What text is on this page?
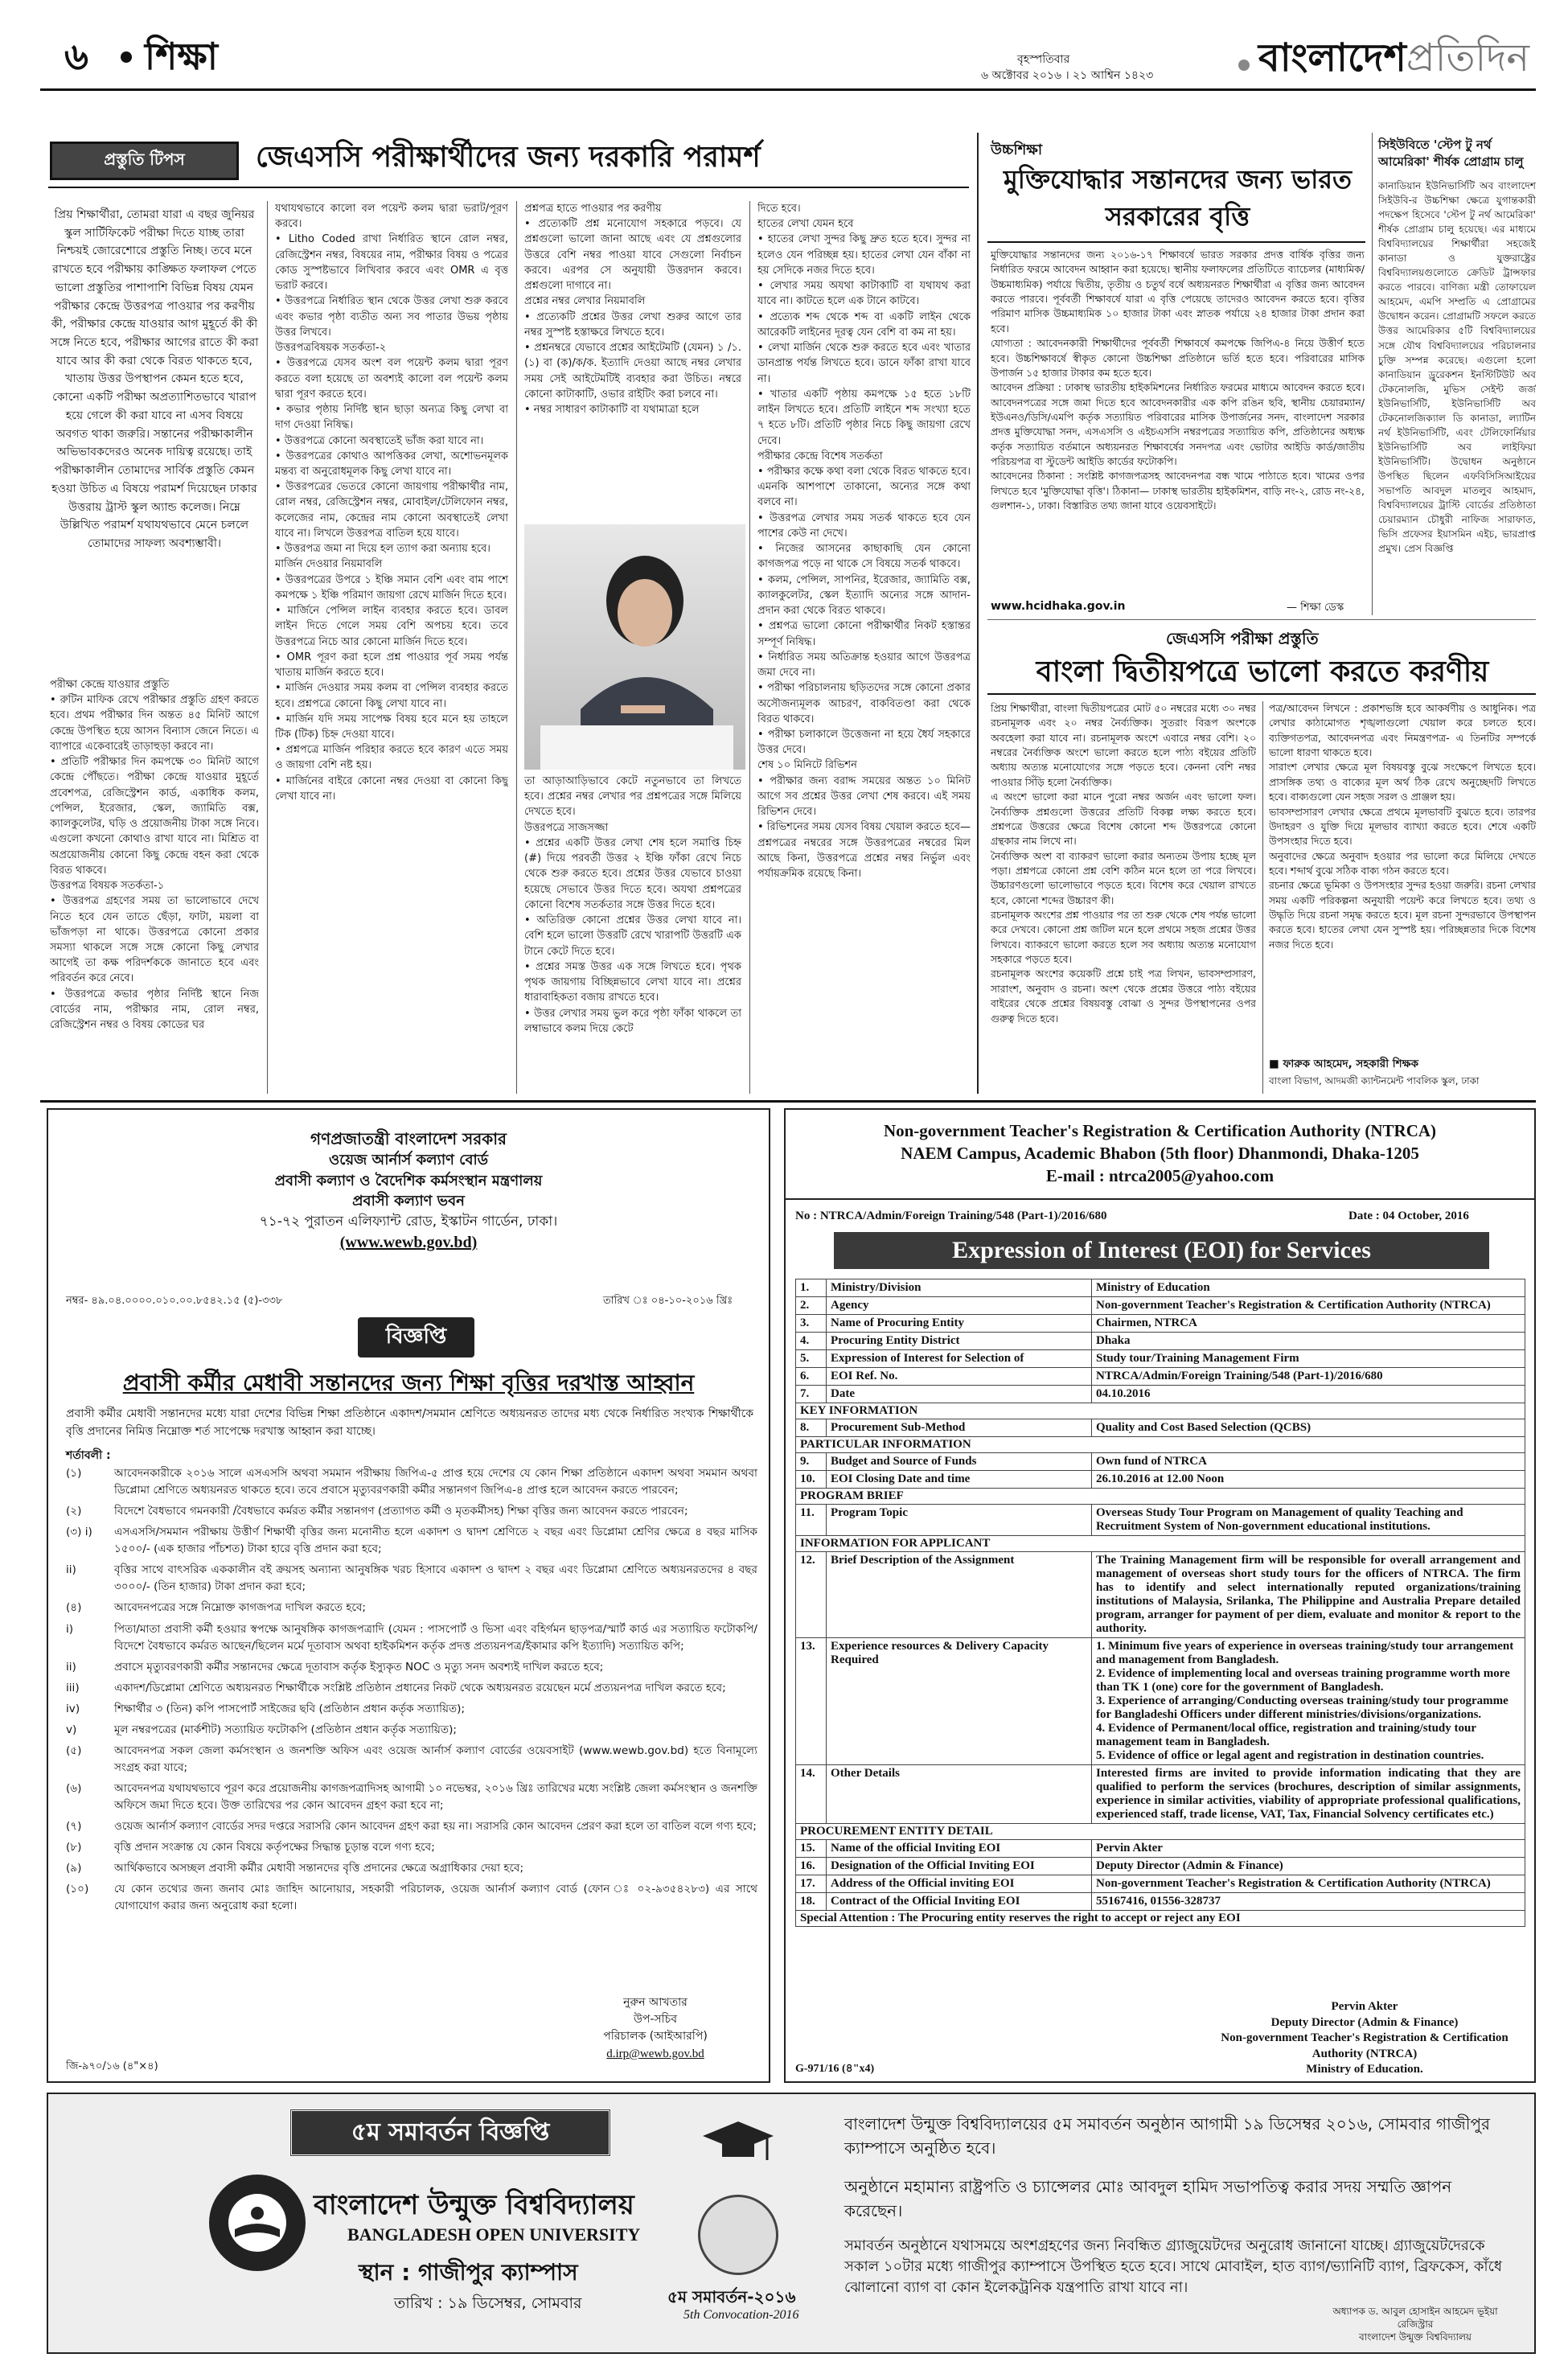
৬ শিক্ষা	বৃহস্পতিবার
৬ অক্টোবর ২০১৬ । ২১ আশ্বিন ১৪২৩	বাংলাদেশপ্রতিদিন
প্রস্তুতি টিপস জেএসসি পরীক্ষার্থীদের জন্য দরকারি পরামর্শ
প্রিয় শিক্ষার্থীরা, তোমরা যারা এ বছর জুনিয়র স্কুল সার্টিফিকেট পরীক্ষা দিতে যাচ্ছ তারা নিশ্চয়ই জোরেশোরে প্রস্তুতি নিচ্ছ। তবে মনে রাখতে হবে পরীক্ষায় কাঙ্ক্ষিত ফলাফল পেতে ভালো প্রস্তুতির পাশাপাশি বিভিন্ন বিষয় যেমন পরীক্ষার কেন্দ্রে উত্তরপত্র পাওয়ার পর করণীয় কী, পরীক্ষার কেন্দ্রে যাওয়ার আগ মুহূর্তে কী কী সঙ্গে নিতে হবে, পরীক্ষার আগের রাতে কী করা যাবে আর কী করা থেকে বিরত থাকতে হবে, খাতায় উত্তর উপস্থাপন কেমন হতে হবে, কোনো একটি পরীক্ষা অপ্রত্যাশিতভাবে খারাপ হয়ে গেলে কী করা যাবে না এসব বিষয়ে অবগত থাকা জরুরি। সন্তানের পরীক্ষাকালীন অভিভাবকদেরও অনেক দায়িত্ব রয়েছে। তাই পরীক্ষাকালীন তোমাদের সার্বিক প্রস্তুতি কেমন হওয়া উচিত এ বিষয়ে পরামর্শ দিয়েছেন ঢাকার উত্তরায় ট্রাস্ট স্কুল অ্যান্ড কলেজ। নিম্নে উল্লিখিত পরামর্শ যথাযথভাবে মেনে চললে তোমাদের সাফল্য অবশ্যম্ভাবী।
পরীক্ষা কেন্দ্রে যাওয়ার প্রস্তুতি
• রুটিন মাফিক রেখে পরীক্ষার প্রস্তুতি গ্রহণ করতে হবে। প্রথম পরীক্ষার দিন অন্তত ৪৫ মিনিট আগে কেন্দ্রে উপস্থিত হয়ে আসন বিন্যাস জেনে নিতে। এ ব্যাপারে একেবারেই তাড়াহুড়া করবে না।
• প্রতিটি পরীক্ষার দিন কমপক্ষে ৩০ মিনিট আগে কেন্দ্রে পৌঁছতে। পরীক্ষা কেন্দ্রে যাওয়ার মুহূর্তে প্রবেশপত্র, রেজিস্ট্রেশন কার্ড, একাধিক কলম, পেন্সিল, ইরেজার, স্কেল, জ্যামিতি বক্স, ক্যালকুলেটর, ঘড়ি ও প্রয়োজনীয় টাকা সঙ্গে নিবে। এগুলো কখনো কোথাও রাখা যাবে না। মিশ্রিত বা অপ্রয়োজনীয় কোনো কিছু কেন্দ্রে বহন করা থেকে বিরত থাকবে।
উত্তরপত্র বিষয়ক সতর্কতা-১
• উত্তরপত্র গ্রহণের সময় তা ভালোভাবে দেখে নিতে হবে যেন তাতে ছেঁড়া, ফাটা, ময়লা বা ভাঁজপড়া না থাকে। উত্তরপত্রে কোনো প্রকার সমস্যা থাকলে সঙ্গে সঙ্গে কোনো কিছু লেখার আগেই তা কক্ষ পরিদর্শককে জানাতে হবে এবং পরিবর্তন করে নেবে।
• উত্তরপত্রে কভার পৃষ্ঠার নির্দিষ্ট স্থানে নিজ বোর্ডের নাম, পরীক্ষার নাম, রোল নম্বর, রেজিস্ট্রেশন নম্বর ও বিষয় কোডের ঘর
যথাযথভাবে কালো বল পয়েন্ট কলম দ্বারা ভরাট/পূরণ করবে।
• Litho Coded রাখা নির্ধারিত স্থানে রোল নম্বর, রেজিস্ট্রেশন নম্বর, বিষয়ের নাম, পরীক্ষার বিষয় ও পত্রের কোড সুস্পষ্টভাবে লিখিবার করবে এবং OMR এ বৃত্ত ভরাট করবে।
• উত্তরপত্রে নির্ধারিত স্থান থেকে উত্তর লেখা শুরু করবে এবং কভার পৃষ্ঠা ব্যতীত অন্য সব পাতার উভয় পৃষ্ঠায় উত্তর লিখবে।
উত্তরপত্রবিষয়ক সতর্কতা-২
• উত্তরপত্রে যেসব অংশ বল পয়েন্ট কলম দ্বারা পূরণ করতে বলা হয়েছে তা অবশ্যই কালো বল পয়েন্ট কলম দ্বারা পূরণ করতে হবে।
• কভার পৃষ্ঠায় নির্দিষ্ট স্থান ছাড়া অন্যত্র কিছু লেখা বা দাগ দেওয়া নিষিদ্ধ।
• উত্তরপত্রে কোনো অবস্থাতেই ভাঁজ করা যাবে না।
• উত্তরপত্রের কোথাও আপত্তিকর লেখা, অশোভনমূলক মন্তব্য বা অনুরোধমূলক কিছু লেখা যাবে না।
• উত্তরপত্রের ভেতরে কোনো জায়গায় পরীক্ষার্থীর নাম, রোল নম্বর, রেজিস্ট্রেশন নম্বর, মোবাইল/টেলিফোন নম্বর, কলেজের নাম, কেন্দ্রের নাম কোনো অবস্থাতেই লেখা যাবে না। লিখলে উত্তরপত্র বাতিল হয়ে যাবে।
• উত্তরপত্র জমা না দিয়ে হল ত্যাগ করা অন্যায় হবে।
মার্জিন দেওয়ার নিয়মাবলি
• উত্তরপত্রের উপরে ১ ইঞ্চি সমান বেশি এবং বাম পাশে কমপক্ষে ১ ইঞ্চি পরিমাণ জায়গা রেখে মার্জিন দিতে হবে।
• মার্জিনে পেন্সিল লাইন ব্যবহার করতে হবে। ডাবল লাইন দিতে গেলে সময় বেশি অপচয় হবে। তবে উত্তরপত্রে নিচে আর কোনো মার্জিন দিতে হবে।
• OMR পূরণ করা হলে প্রশ্ন পাওয়ার পূর্ব সময় পর্যন্ত খাতায় মার্জিন করতে হবে।
• মার্জিন দেওয়ার সময় কলম বা পেন্সিল ব্যবহার করতে হবে। প্রশ্নপত্রে কোনো কিছু লেখা যাবে না।
• মার্জিন যদি সময় সাপেক্ষ বিষয় হবে মনে হয় তাহলে টিক (টিক) চিহ্ন দেওয়া যাবে।
• প্রশ্নপত্রে মার্জিন পরিহার করতে হবে কারণ এতে সময় ও জায়গা বেশি নষ্ট হয়।
• মার্জিনের বাইরে কোনো নম্বর দেওয়া বা কোনো কিছু লেখা যাবে না।
প্রশ্নপত্র হাতে পাওয়ার পর করণীয়
• প্রত্যেকটি প্রশ্ন মনোযোগ সহকারে পড়বে। যে প্রশ্নগুলো ভালো জানা আছে এবং যে প্রশ্নগুলোর উত্তরে বেশি নম্বর পাওয়া যাবে সেগুলো নির্বাচন করবে। এরপর সে অনুযায়ী উত্তরদান করবে। প্রশ্নগুলো দাগাবে না।
প্রশ্নের নম্বর লেখার নিয়মাবলি
• প্রত্যেকটি প্রশ্নের উত্তর লেখা শুরুর আগে তার নম্বর সুস্পষ্ট হস্তাক্ষরে লিখতে হবে।
• প্রশ্ননম্বরে যেভাবে প্রশ্নের আইটেমটি (যেমন) ১ /১.(১) বা (ক)/ক/ক. ইত্যাদি দেওয়া আছে নম্বর লেখার সময় সেই আইটেমটিই ব্যবহার করা উচিত। নম্বরে কোনো কাটাকাটি, ওভার রাইটিং করা চলবে না।
• নম্বর সাধারণ কাটাকাটি বা যথামাত্রা হলে
তা আড়াআড়িভাবে কেটে নতুনভাবে তা লিখতে হবে। প্রশ্নের নম্বর লেখার পর প্রশ্নপত্রের সঙ্গে মিলিয়ে দেখতে হবে।
উত্তরপত্রে সাজসজ্জা
• প্রশ্নের একটি উত্তর লেখা শেষ হলে সমাপ্তি চিহ্ন (#) দিয়ে পরবর্তী উত্তর ২ ইঞ্চি ফাঁকা রেখে নিচে থেকে শুরু করতে হবে। প্রশ্নের উত্তর যেভাবে চাওয়া হয়েছে সেভাবে উত্তর দিতে হবে। অযথা প্রশ্নপত্রের কোনো বিশেষ সতর্কতার সঙ্গে উত্তর দিতে হবে।
• অতিরিক্ত কোনো প্রশ্নের উত্তর লেখা যাবে না। বেশি হলে ভালো উত্তরটি রেখে খারাপটি উত্তরটি এক টানে কেটে দিতে হবে।
• প্রশ্নের সমস্ত উত্তর এক সঙ্গে লিখতে হবে। পৃথক পৃথক জায়গায় বিচ্ছিন্নভাবে লেখা যাবে না। প্রশ্নের ধারাবাহিকতা বজায় রাখতে হবে।
• উত্তর লেখার সময় ভুল করে পৃষ্ঠা ফাঁকা থাকলে তা লম্বাভাবে কলম দিয়ে কেটে
দিতে হবে।
হাতের লেখা যেমন হবে
• হাতের লেখা সুন্দর কিছু দ্রুত হতে হবে। সুন্দর না হলেও যেন পরিচ্ছন্ন হয়। হাতের লেখা যেন বাঁকা না হয় সেদিকে নজর দিতে হবে।
• লেখার সময় অযথা কাটাকাটি বা যথাযথ করা যাবে না। কাটতে হলে এক টানে কাটবে।
• প্রত্যেক শব্দ থেকে শব্দ বা একটি লাইন থেকে আরেকটি লাইনের দূরত্ব যেন বেশি বা কম না হয়।
• লেখা মার্জিন থেকে শুরু করতে হবে এবং খাতার ডানপ্রান্ত পর্যন্ত লিখতে হবে। ডানে ফাঁকা রাখা যাবে না।
• খাতার একটি পৃষ্ঠায় কমপক্ষে ১৫ হতে ১৮টি লাইন লিখতে হবে। প্রতিটি লাইনে শব্দ সংখ্যা হতে ৭ হতে ৮টি। প্রতিটি পৃষ্ঠার নিচে কিছু জায়গা রেখে দেবে।
পরীক্ষার কেন্দ্রে বিশেষ সতর্কতা
• পরীক্ষার কক্ষে কথা বলা থেকে বিরত থাকতে হবে। এমনকি আশপাশে তাকানো, অন্যের সঙ্গে কথা বলবে না।
• উত্তরপত্র লেখার সময় সতর্ক থাকতে হবে যেন পাশের কেউ না দেখে।
• নিজের আসনের কাছাকাছি যেন কোনো কাগজপত্র পড়ে না থাকে সে বিষয়ে সতর্ক থাকবে।
• কলম, পেন্সিল, সাপনির, ইরেজার, জ্যামিতি বক্স, ক্যালকুলেটর, স্কেল ইত্যাদি অন্যের সঙ্গে আদান-প্রদান করা থেকে বিরত থাকবে।
• প্রশ্নপত্র ভালো কোনো পরীক্ষার্থীর নিকট হস্তান্তর সম্পূর্ণ নিষিদ্ধ।
• নির্ধারিত সময় অতিক্রান্ত হওয়ার আগে উত্তরপত্র জমা দেবে না।
• পরীক্ষা পরিচালনায় ছড়িতদের সঙ্গে কোনো প্রকার অসৌজন্যমূলক আচরণ, বাকবিতণ্ডা করা থেকে বিরত থাকবে।
• পরীক্ষা চলাকালে উত্তেজনা না হয়ে ধৈর্য সহকারে উত্তর দেবে।
শেষ ১০ মিনিটে রিভিশন
• পরীক্ষার জন্য বরাদ্দ সময়ের অন্তত ১০ মিনিট আগে সব প্রশ্নের উত্তর লেখা শেষ করবে। এই সময় রিভিশন দেবে।
• রিভিশনের সময় যেসব বিষয় খেয়াল করতে হবে— প্রশ্নপত্রের নম্বরের সঙ্গে উত্তরপত্রের নম্বরের মিল আছে কিনা, উত্তরপত্রে প্রশ্নের নম্বর নির্ভুল এবং পর্যায়ক্রমিক রয়েছে কিনা।
উচ্চশিক্ষা
মুক্তিযোদ্ধার সন্তানদের জন্য ভারত সরকারের বৃত্তি
মুক্তিযোদ্ধার সন্তানদের জন্য ২০১৬-১৭ শিক্ষাবর্ষে ভারত সরকার প্রদত্ত বার্ষিক বৃত্তির জন্য নির্ধারিত ফরমে আবেদন আহ্বান করা হয়েছে। স্থানীয় ফলাফলের প্রতিটিতে ব্যাচেলর (মাধ্যমিক/উচ্চমাধ্যমিক) পর্যায়ে দ্বিতীয়, তৃতীয় ও চতুর্থ বর্ষে অধ্যয়নরত শিক্ষার্থীরা এ বৃত্তির জন্য আবেদন করতে পারবে। পূর্ববর্তী শিক্ষাবর্ষে যারা এ বৃত্তি পেয়েছে তাদেরও আবেদন করতে হবে। বৃত্তির পরিমাণ মাসিক উচ্চমাধ্যমিক ১০ হাজার টাকা এবং স্নাতক পর্যায়ে ২৪ হাজার টাকা প্রদান করা হবে।
যোগ্যতা : আবেদনকারী শিক্ষার্থীদের পূর্ববর্তী শিক্ষাবর্ষে কমপক্ষে জিপিএ-৪ নিয়ে উত্তীর্ণ হতে হবে। উচ্চশিক্ষাবর্ষে স্বীকৃত কোনো উচ্চশিক্ষা প্রতিষ্ঠানে ভর্তি হতে হবে। পরিবারের মাসিক উপার্জন ১৫ হাজার টাকার কম হতে হবে।
আবেদন প্রক্রিয়া : ঢাকাস্থ ভারতীয় হাইকমিশনের নির্ধারিত ফরমের মাধ্যমে আবেদন করতে হবে। আবেদনপত্রের সঙ্গে জমা দিতে হবে আবেদনকারীর এক কপি রঙিন ছবি, স্থানীয় চেয়ারম্যান/ইউএনও/ডিসি/এমপি কর্তৃক সত্যায়িত পরিবারের মাসিক উপার্জনের সনদ, বাংলাদেশ সরকার প্রদত্ত মুক্তিযোদ্ধা সনদ, এসএসসি ও এইচএসসি নম্বরপত্রের সত্যায়িত কপি, প্রতিষ্ঠানের অধ্যক্ষ কর্তৃক সত্যায়িত বর্তমানে অধ্যয়নরত শিক্ষাবর্ষের সনদপত্র এবং ভোটার আইডি কার্ড/জাতীয় পরিচয়পত্র বা স্টুডেন্ট আইডি কার্ডের ফটোকপি।
আবেদনের ঠিকানা : সংশ্লিষ্ট কাগজপত্রসহ আবেদনপত্র বন্ধ খামে পাঠাতে হবে। খামের ওপর লিখতে হবে 'মুক্তিযোদ্ধা বৃত্তি'। ঠিকানা— ঢাকাস্থ ভারতীয় হাইকমিশন, বাড়ি নং-২, রোড নং-২৪, গুলশান-১, ঢাকা। বিস্তারিত তথ্য জানা যাবে ওয়েবসাইটে।
www.hcidhaka.gov.in	— শিক্ষা ডেস্ক
সিইউবিতে 'স্টেপ টু নর্থ আমেরিকা' শীর্ষক প্রোগ্রাম চালু
কানাডিয়ান ইউনিভার্সিটি অব বাংলাদেশ সিইউবি-র উচ্চশিক্ষা ক্ষেত্রে যুগান্তকারী পদক্ষেপ হিসেবে 'স্টেপ টু নর্থ আমেরিকা' শীর্ষক প্রোগ্রাম চালু হয়েছে। এর মাধ্যমে বিশ্ববিদ্যালয়ের শিক্ষার্থীরা সহজেই কানাডা ও যুক্তরাষ্ট্রের বিশ্ববিদ্যালয়গুলোতে ক্রেডিট ট্রান্সফার করতে পারবে। বাণিজ্য মন্ত্রী তোফায়েল আহমেদ, এমপি সম্প্রতি এ প্রোগ্রামের উদ্বোধন করেন। প্রোগ্রামটি সফলে করতে উত্তর আমেরিকার ৫টি বিশ্ববিদ্যালয়ের সঙ্গে যৌথ বিশ্ববিদ্যালয়ের পরিচালনার চুক্তি সম্পন্ন করেছে। এগুলো হলো কানাডিয়ান ড্রুরেকশন ইনস্টিটিউট অব টেকনোলজি, মুভিস সেইন্ট জর্জ ইউনিভার্সিটি, ইউনিভার্সিটি অব টেকনোলজিক্যাল ডি কানাডা, ল্যাটিন নর্থ ইউনিভার্সিটি, এবং টেলিফোর্নিয়ার ইউনিভার্সিটি অব লাইফিয়া ইউনিভার্সিটি। উদ্বোধন অনুষ্ঠানে উপস্থিত ছিলেন এফবিসিসিআইয়ের সভাপতি আবদুল মাতলুব আহমাদ, বিশ্ববিদ্যালয়ের ট্রাস্টি বোর্ডের প্রতিষ্ঠাতা চেয়ারম্যান চৌধুরী নাফিজ সারাফাত, ভিসি প্রফেসর ইয়াসমিন এইচ, ভারপ্রাপ্ত প্রমুখ। প্রেস বিজ্ঞপ্তি
জেএসসি পরীক্ষা প্রস্তুতি
বাংলা দ্বিতীয়পত্রে ভালো করতে করণীয়
প্রিয় শিক্ষার্থীরা, বাংলা দ্বিতীয়পত্রের মোট ৫০ নম্বরের মধ্যে ৩০ নম্বর রচনামূলক এবং ২০ নম্বর নৈর্ব্যক্তিক। সুতরাং বিরূপ অংশকে অবহেলা করা যাবে না। রচনামূলক অংশে এবারে নম্বর বেশি। ২০ নম্বরের নৈর্ব্যক্তিক অংশে ভালো করতে হলে পাঠ্য বইয়ের প্রতিটি অধ্যায় অত্যন্ত মনোযোগের সঙ্গে পড়তে হবে। কেননা বেশি নম্বর পাওয়ার সিঁড়ি হলো নৈর্ব্যক্তিক।
এ অংশে ভালো করা মানে পুরো নম্বর অর্জন এবং ভালো ফল। নৈর্ব্যক্তিক প্রশ্নগুলো উত্তরের প্রতিটি বিকল্প লক্ষ্য করতে হবে। প্রশ্নপত্রে উত্তরের ক্ষেত্রে বিশেষ কোনো শব্দ উত্তরপত্রে কোনো গ্রন্থকার নাম লিখে না।
নৈর্ব্যক্তিক অংশ বা ব্যাকরণ ভালো করার অন্যতম উপায় হচ্ছে মূল পড়া। প্রশ্নপত্রে কোনো প্রশ্ন বেশি কঠিন মনে হলে তা পরে লিখবে। উচ্চারণগুলো ভালোভাবে পড়তে হবে। বিশেষ করে খেয়াল রাখতে হবে, কোনো শব্দের উচ্চারণ কী।
রচনামূলক অংশের প্রশ্ন পাওয়ার পর তা শুরু থেকে শেষ পর্যন্ত ভালো করে দেখবে। কোনো প্রশ্ন জটিল মনে হলে প্রথমে সহজ প্রশ্নের উত্তর লিখবে। ব্যাকরণে ভালো করতে হলে সব অধ্যায় অত্যন্ত মনোযোগ সহকারে পড়তে হবে।
রচনামূলক অংশের কয়েকটি প্রশ্নে চাই পত্র লিখন, ভাবসম্প্রসারণ, সারাংশ, অনুবাদ ও রচনা। অংশ থেকে প্রশ্নের উত্তরে পাঠ্য বইয়ের বাইরের থেকে প্রশ্নের বিষয়বস্তু বোঝা ও সুন্দর উপস্থাপনের ওপর গুরুত্ব দিতে হবে।
পত্র/আবেদন লিখনে : প্রকাশভঙ্গি হবে আকর্ষণীয় ও আধুনিক। পত্র লেখার কাঠামোগত শৃঙ্খলাগুলো খেয়াল করে চলতে হবে। ব্যক্তিগতপত্র, আবেদনপত্র এবং নিমন্ত্রণপত্র- এ তিনটির সম্পর্কে ভালো ধারণা থাকতে হবে।
সারাংশ লেখার ক্ষেত্রে মূল বিষয়বস্তু বুঝে সংক্ষেপে লিখতে হবে। প্রাসঙ্গিক তথ্য ও বাক্যের মূল অর্থ ঠিক রেখে অনুচ্ছেদটি লিখতে হবে। বাক্যগুলো যেন সহজ সরল ও প্রাঞ্জল হয়।
ভাবসম্প্রসারণ লেখার ক্ষেত্রে প্রথমে মূলভাবটি বুঝতে হবে। তারপর উদাহরণ ও যুক্তি দিয়ে মূলভাব ব্যাখ্যা করতে হবে। শেষে একটি উপসংহার দিতে হবে।
অনুবাদের ক্ষেত্রে অনুবাদ হওয়ার পর ভালো করে মিলিয়ে দেখতে হবে। শব্দার্থ বুঝে সঠিক বাক্য গঠন করতে হবে।
রচনার ক্ষেত্রে ভূমিকা ও উপসংহার সুন্দর হওয়া জরুরি। রচনা লেখার সময় একটি পরিকল্পনা অনুযায়ী পয়েন্ট করে লিখতে হবে। তথ্য ও উদ্ধৃতি দিয়ে রচনা সমৃদ্ধ করতে হবে। মূল রচনা সুন্দরভাবে উপস্থাপন করতে হবে। হাতের লেখা যেন সুস্পষ্ট হয়। পরিচ্ছন্নতার দিকে বিশেষ নজর দিতে হবে।
■ ফারুক আহমেদ, সহকারী শিক্ষক
বাংলা বিভাগ, আদমজী ক্যান্টনমেন্ট পাবলিক স্কুল, ঢাকা
গণপ্রজাতন্ত্রী বাংলাদেশ সরকার
ওয়েজ আর্নার্স কল্যাণ বোর্ড
প্রবাসী কল্যাণ ও বৈদেশিক কর্মসংস্থান মন্ত্রণালয়
প্রবাসী কল্যাণ ভবন
৭১-৭২ পুরাতন এলিফ্যান্ট রোড, ইস্কাটন গার্ডেন, ঢাকা।
(www.wewb.gov.bd)
নম্বর- ৪৯.০৪.০০০০.০১০.০০.৮৫৪২.১৫ (৫)-৩৩৮	তারিখ ঃ ০৪-১০-২০১৬ খ্রিঃ
বিজ্ঞপ্তি
প্রবাসী কর্মীর মেধাবী সন্তানদের জন্য শিক্ষা বৃত্তির দরখাস্ত আহ্বান
প্রবাসী কর্মীর মেধাবী সন্তানদের মধ্যে যারা দেশের বিভিন্ন শিক্ষা প্রতিষ্ঠানে একাদশ/সমমান শ্রেণিতে অধ্যয়নরত তাদের মধ্য থেকে নির্ধারিত সংখ্যক শিক্ষার্থীকে বৃত্তি প্রদানের নিমিত্ত নিম্নোক্ত শর্ত সাপেক্ষে দরখাস্ত আহ্বান করা যাচ্ছে।
শর্তাবলী :
(১)	আবেদনকারীকে ২০১৬ সালে এসএসসি অথবা সমমান পরীক্ষায় জিপিএ-৫ প্রাপ্ত হয়ে দেশের যে কোন শিক্ষা প্রতিষ্ঠানে একাদশ অথবা সমমান অথবা ডিপ্লোমা শ্রেণিতে অধ্যয়নরত থাকতে হবে। তবে প্রবাসে মৃত্যুবরণকারী কর্মীর সন্তানগণ জিপিএ-৪ প্রাপ্ত হলে আবেদন করতে পারবেন;
(২)	বিদেশে বৈধভাবে গমনকারী /বৈধভাবে কর্মরত কর্মীর সন্তানগণ (প্রত্যাগত কর্মী ও মৃতকর্মীসহ) শিক্ষা বৃত্তির জন্য আবেদন করতে পারবেন;
(৩) i)	এসএসসি/সমমান পরীক্ষায় উত্তীর্ণ শিক্ষার্থী বৃত্তির জন্য মনোনীত হলে একাদশ ও দ্বাদশ শ্রেণিতে ২ বছর এবং ডিপ্লোমা শ্রেণির ক্ষেত্রে ৪ বছর মাসিক ১৫০০/- (এক হাজার পাঁচশত) টাকা হারে বৃত্তি প্রদান করা হবে;
ii)	বৃত্তির সাথে বাৎসরিক এককালীন বই ক্রয়সহ অন্যান্য আনুষঙ্গিক খরচ হিসাবে একাদশ ও দ্বাদশ ২ বছর এবং ডিপ্লোমা শ্রেণিতে অধ্যয়নরতদের ৪ বছর ৩০০০/- (তিন হাজার) টাকা প্রদান করা হবে;
(৪)	আবেদনপত্রের সঙ্গে নিম্নোক্ত কাগজপত্র দাখিল করতে হবে;
i)	পিতা/মাতা প্রবাসী কর্মী হওয়ার স্বপক্ষে আনুষঙ্গিক কাগজপত্রাদি (যেমন : পাসপোর্ট ও ভিসা এবং বহির্গমন ছাড়পত্র/স্মার্ট কার্ড এর সত্যায়িত ফটোকপি/বিদেশে বৈধভাবে কর্মরত আছেন/ছিলেন মর্মে দূতাবাস অথবা হাইকমিশন কর্তৃক প্রদত্ত প্রত্যয়নপত্র/ইকামার কপি ইত্যাদি) সত্যায়িত কপি;
ii)	প্রবাসে মৃত্যুবরণকারী কর্মীর সন্তানদের ক্ষেত্রে দূতাবাস কর্তৃক ইস্যুকৃত NOC ও মৃত্যু সনদ অবশ্যই দাখিল করতে হবে;
iii)	একাদশ/ডিপ্লোমা শ্রেণিতে অধ্যয়নরত শিক্ষার্থীকে সংশ্লিষ্ট প্রতিষ্ঠান প্রধানের নিকট থেকে অধ্যয়নরত রয়েছেন মর্মে প্রত্যয়নপত্র দাখিল করতে হবে;
iv)	শিক্ষার্থীর ৩ (তিন) কপি পাসপোর্ট সাইজের ছবি (প্রতিষ্ঠান প্রধান কর্তৃক সত্যায়িত);
v)	মূল নম্বরপত্রের (মার্কশীট) সত্যায়িত ফটোকপি (প্রতিষ্ঠান প্রধান কর্তৃক সত্যায়িত);
(৫)	আবেদনপত্র সকল জেলা কর্মসংস্থান ও জনশক্তি অফিস এবং ওয়েজ আর্নার্স কল্যাণ বোর্ডের ওয়েবসাইট (www.wewb.gov.bd) হতে বিনামূল্যে সংগ্রহ করা যাবে;
(৬)	আবেদনপত্র যথাযথভাবে পূরণ করে প্রয়োজনীয় কাগজপত্রাদিসহ আগামী ১০ নভেম্বর, ২০১৬ খ্রিঃ তারিখের মধ্যে সংশ্লিষ্ট জেলা কর্মসংস্থান ও জনশক্তি অফিসে জমা দিতে হবে। উক্ত তারিখের পর কোন আবেদন গ্রহণ করা হবে না;
(৭)	ওয়েজ আর্নার্স কল্যাণ বোর্ডের সদর দপ্তরে সরাসরি কোন আবেদন গ্রহণ করা হয় না। সরাসরি কোন আবেদন প্রেরণ করা হলে তা বাতিল বলে গণ্য হবে;
(৮)	বৃত্তি প্রদান সংক্রান্ত যে কোন বিষয়ে কর্তৃপক্ষের সিদ্ধান্ত চূড়ান্ত বলে গণ্য হবে;
(৯)	আর্থিকভাবে অসচ্ছল প্রবাসী কর্মীর মেধাবী সন্তানদের বৃত্তি প্রদানের ক্ষেত্রে অগ্রাধিকার দেয়া হবে;
(১০)	যে কোন তথ্যের জন্য জনাব মোঃ জাহিদ আনোয়ার, সহকারী পরিচালক, ওয়েজ আর্নার্স কল্যাণ বোর্ড (ফোন ঃ ০২-৯৩৫৪২৮৩) এর সাথে যোগাযোগ করার জন্য অনুরোধ করা হলো।
নুরুন আখতার
উপ-সচিব
পরিচালক (আইআরপি)
d.irp@wewb.gov.bd
জি-৯৭০/১৬ (৪"×৪)
Non-government Teacher's Registration & Certification Authority (NTRCA)
NAEM Campus, Academic Bhabon (5th floor) Dhanmondi, Dhaka-1205
E-mail : ntrca2005@yahoo.com
No : NTRCA/Admin/Foreign Training/548 (Part-1)/2016/680	Date : 04 October, 2016
Expression of Interest (EOI) for Services
1.	Ministry/Division	Ministry of Education
2.	Agency	Non-government Teacher's Registration & Certification Authority (NTRCA)
3.	Name of Procuring Entity	Chairmen, NTRCA
4.	Procuring Entity District	Dhaka
5.	Expression of Interest for Selection of	Study tour/Training Management Firm
6.	EOI Ref. No.	NTRCA/Admin/Foreign Training/548 (Part-1)/2016/680
7.	Date	04.10.2016
KEY INFORMATION		
8.	Procurement Sub-Method	Quality and Cost Based Selection (QCBS)
PARTICULAR INFORMATION		
9.	Budget and Source of Funds	Own fund of NTRCA
10.	EOI Closing Date and time	26.10.2016 at 12.00 Noon
PROGRAM BRIEF		
11.	Program Topic	Overseas Study Tour Program on Management of quality Teaching and Recruitment System of Non-government educational institutions.
INFORMATION FOR APPLICANT		
12.	Brief Description of the Assignment	The Training Management firm will be responsible for overall arrangement and management of overseas short study tours for the officers of NTRCA. The firm has to identify and select internationally reputed organizations/training institutions of Malaysia, Srilanka, The Philippine and Australia Prepare detailed program, arranger for payment of per diem, evaluate and monitor & report to the authority.
13.	Experience resources & Delivery Capacity Required	1. Minimum five years of experience in overseas training/study tour arrangement and management from Bangladesh.
2. Evidence of implementing local and overseas training programme worth more than TK 1 (one) core for the government of Bangladesh.
3. Experience of arranging/Conducting overseas training/study tour programme for Bangladeshi Officers under different ministries/divisions/organizations.
4. Evidence of Permanent/local office, registration and training/study tour management team in Bangladesh.
5. Evidence of office or legal agent and registration in destination countries.

14.	Other Details	Interested firms are invited to provide information indicating that they are qualified to perform the services (brochures, description of similar assignments, experience in similar activities, viability of appropriate professional qualifications, experienced staff, trade license, VAT, Tax, Financial Solvency certificates etc.)
PROCUREMENT ENTITY DETAIL		
15.	Name of the official Inviting EOI	Pervin Akter
16.	Designation of the Official Inviting EOI	Deputy Director (Admin & Finance)
17.	Address of the Official inviting EOI	Non-government Teacher's Registration & Certification Authority (NTRCA)
18.	Contract of the Official Inviting EOI	55167416, 01556-328737
Special Attention : The Procuring entity reserves the right to accept or reject any EOI		
Pervin Akter
Deputy Director (Admin & Finance)
Non-government Teacher's Registration & Certification Authority (NTRCA)
Ministry of Education.
G-971/16 (৪"x4)
৫ম সমাবর্তন বিজ্ঞপ্তি
বাংলাদেশ উন্মুক্ত বিশ্ববিদ্যালয়
BANGLADESH OPEN UNIVERSITY
স্থান : গাজীপুর ক্যাম্পাস
তারিখ : ১৯ ডিসেম্বর, সোমবার	৫ম সমাবর্তন-২০১৬
5th Convocation-2016
বাংলাদেশ উন্মুক্ত বিশ্ববিদ্যালয়ের ৫ম সমাবর্তন অনুষ্ঠান আগামী ১৯ ডিসেম্বর ২০১৬, সোমবার গাজীপুর ক্যাম্পাসে অনুষ্ঠিত হবে।
অনুষ্ঠানে মহামান্য রাষ্ট্রপতি ও চ্যান্সেলর মোঃ আবদুল হামিদ সভাপতিত্ব করার সদয় সম্মতি জ্ঞাপন করেছেন।
সমাবর্তন অনুষ্ঠানে যথাসময়ে অংশগ্রহণের জন্য নিবন্ধিত গ্র্যাজুয়েটদের অনুরোধ জানানো যাচ্ছে। গ্র্যাজুয়েটদেরকে সকাল ১০টার মধ্যে গাজীপুর ক্যাম্পাসে উপস্থিত হতে হবে। সাথে মোবাইল, হাত ব্যাগ/ভ্যানিটি ব্যাগ, ব্রিফকেস, কাঁধে ঝোলানো ব্যাগ বা কোন ইলেকট্রনিক যন্ত্রপাতি রাখা যাবে না।
অধ্যাপক ড. আবুল হোসাইন আহমেদ ভূইয়া
রেজিস্ট্রার
বাংলাদেশ উন্মুক্ত বিশ্ববিদ্যালয়
